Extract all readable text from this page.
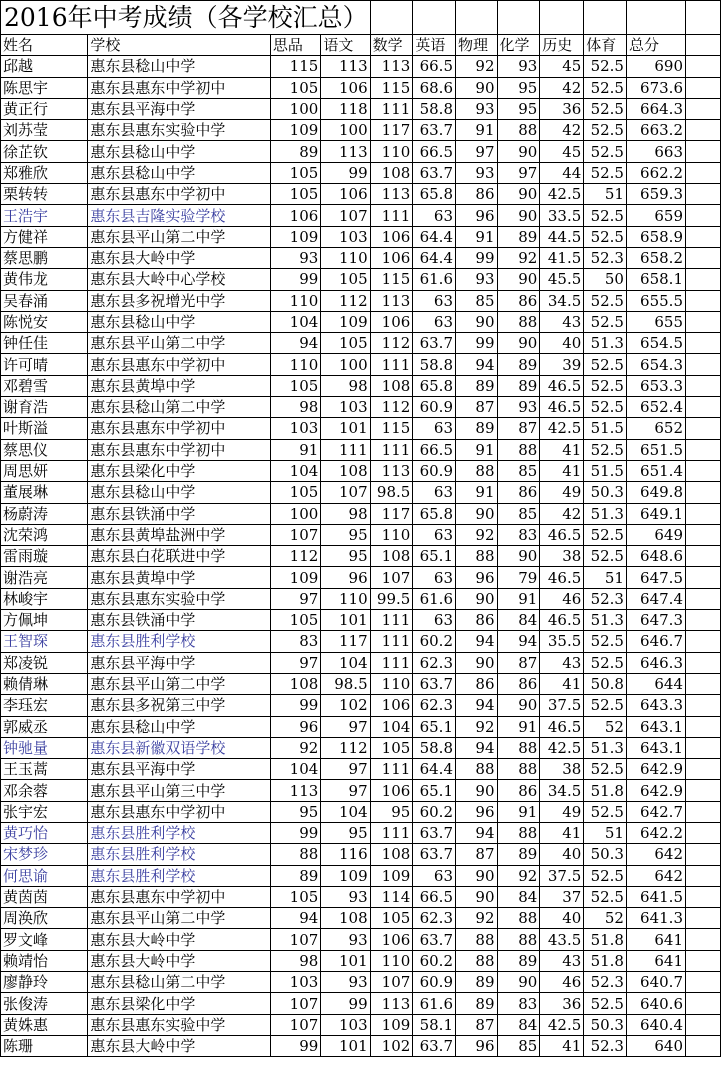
2016年中考成绩（各学校汇总）											
姓名	学校	思品	语文	数学	英语	物理	化学	历史	体育	总分	
邱越	惠东县稔山中学	115	113	113	66.5	92	93	45	52.5	690	
陈思宇	惠东县惠东中学初中	105	106	115	68.6	90	95	42	52.5	673.6	
黄正行	惠东县平海中学	100	118	111	58.8	93	95	36	52.5	664.3	
刘苏莹	惠东县惠东实验中学	109	100	117	63.7	91	88	42	52.5	663.2	
徐芷钦	惠东县稔山中学	89	113	110	66.5	97	90	45	52.5	663	
郑雅欣	惠东县稔山中学	105	99	108	63.7	93	97	44	52.5	662.2	
栗转转	惠东县惠东中学初中	105	106	113	65.8	86	90	42.5	51	659.3	
王浩宇	惠东县吉隆实验学校	106	107	111	63	96	90	33.5	52.5	659	
方健祥	惠东县平山第二中学	109	103	106	64.4	91	89	44.5	52.5	658.9	
蔡思鹏	惠东县大岭中学	93	110	106	64.4	99	92	41.5	52.3	658.2	
黄伟龙	惠东县大岭中心学校	99	105	115	61.6	93	90	45.5	50	658.1	
吴春涌	惠东县多祝增光中学	110	112	113	63	85	86	34.5	52.5	655.5	
陈悦安	惠东县稔山中学	104	109	106	63	90	88	43	52.5	655	
钟任佳	惠东县平山第二中学	94	105	112	63.7	99	90	40	51.3	654.5	
许可晴	惠东县惠东中学初中	110	100	111	58.8	94	89	39	52.5	654.3	
邓碧雪	惠东县黄埠中学	105	98	108	65.8	89	89	46.5	52.5	653.3	
谢育浩	惠东县稔山第二中学	98	103	112	60.9	87	93	46.5	52.5	652.4	
叶斯溢	惠东县惠东中学初中	103	101	115	63	89	87	42.5	51.5	652	
蔡思仪	惠东县惠东中学初中	91	111	111	66.5	91	88	41	52.5	651.5	
周思妍	惠东县梁化中学	104	108	113	60.9	88	85	41	51.5	651.4	
董展琳	惠东县稔山中学	105	107	98.5	63	91	86	49	50.3	649.8	
杨蔚涛	惠东县铁涌中学	100	98	117	65.8	90	85	42	51.3	649.1	
沈荣鸿	惠东县黄埠盐洲中学	107	95	110	63	92	83	46.5	52.5	649	
雷雨璇	惠东县白花联进中学	112	95	108	65.1	88	90	38	52.5	648.6	
谢浩亮	惠东县黄埠中学	109	96	107	63	96	79	46.5	51	647.5	
林峻宇	惠东县惠东实验中学	97	110	99.5	61.6	90	91	46	52.3	647.4	
方佩坤	惠东县铁涌中学	105	101	111	63	86	84	46.5	51.3	647.3	
王智琛	惠东县胜利学校	83	117	111	60.2	94	94	35.5	52.5	646.7	
郑凌锐	惠东县平海中学	97	104	111	62.3	90	87	43	52.5	646.3	
赖倩琳	惠东县平山第二中学	108	98.5	110	63.7	86	86	41	50.8	644	
李珏宏	惠东县多祝第三中学	99	102	106	62.3	94	90	37.5	52.5	643.3	
郭威丞	惠东县稔山中学	96	97	104	65.1	92	91	46.5	52	643.1	
钟驰量	惠东县新徽双语学校	92	112	105	58.8	94	88	42.5	51.3	643.1	
王玉蒿	惠东县平海中学	104	97	111	64.4	88	88	38	52.5	642.9	
邓余蓉	惠东县平山第三中学	113	97	106	65.1	90	86	34.5	51.8	642.9	
张宇宏	惠东县惠东中学初中	95	104	95	60.2	96	91	49	52.5	642.7	
黄巧怡	惠东县胜利学校	99	95	111	63.7	94	88	41	51	642.2	
宋梦珍	惠东县胜利学校	88	116	108	63.7	87	89	40	50.3	642	
何思谕	惠东县胜利学校	89	109	109	63	90	92	37.5	52.5	642	
黄茵茵	惠东县惠东中学初中	105	93	114	66.5	90	84	37	52.5	641.5	
周涣欣	惠东县平山第二中学	94	108	105	62.3	92	88	40	52	641.3	
罗文峰	惠东县大岭中学	107	93	106	63.7	88	88	43.5	51.8	641	
赖靖怡	惠东县大岭中学	98	101	110	60.2	88	89	43	51.8	641	
廖静玲	惠东县稔山第二中学	103	93	107	60.9	89	90	46	52.3	640.7	
张俊涛	惠东县梁化中学	107	99	113	61.6	89	83	36	52.5	640.6	
黄姝惠	惠东县惠东实验中学	107	103	109	58.1	87	84	42.5	50.3	640.4	
陈珊	惠东县大岭中学	99	101	102	63.7	96	85	41	52.3	640	
